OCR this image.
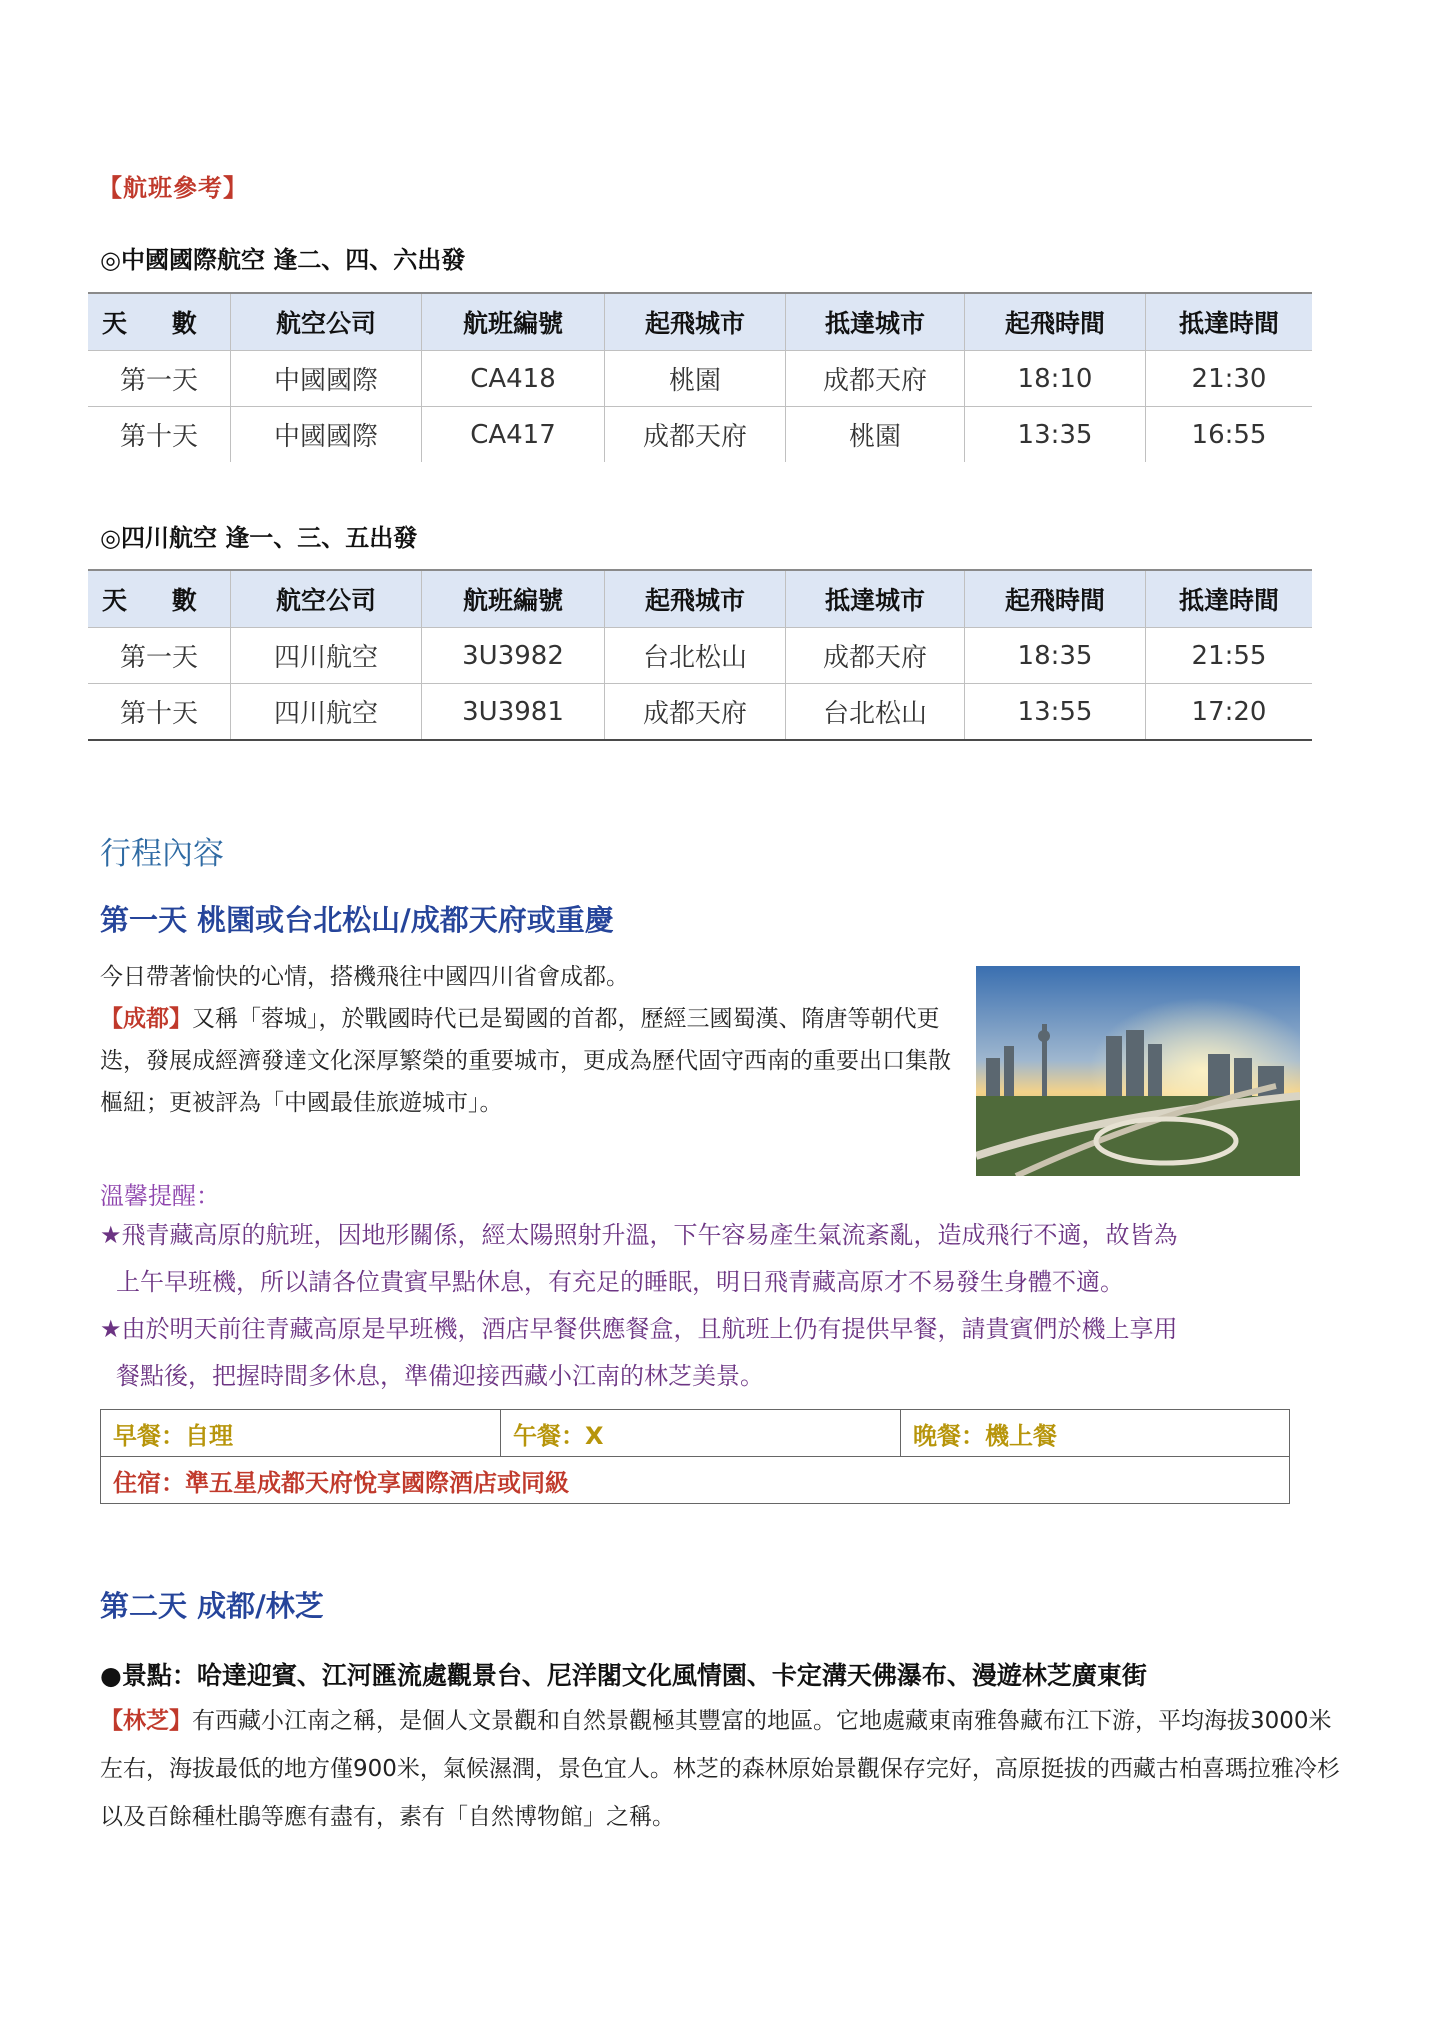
【航班參考】
◎中國國際航空 逢二、四、六出發
天 數	航空公司	航班編號	起飛城市	抵達城市	起飛時間	抵達時間
第一天	中國國際	CA418	桃園	成都天府	18:10	21:30
第十天	中國國際	CA417	成都天府	桃園	13:35	16:55
◎四川航空 逢一、三、五出發
天 數	航空公司	航班編號	起飛城市	抵達城市	起飛時間	抵達時間
第一天	四川航空	3U3982	台北松山	成都天府	18:35	21:55
第十天	四川航空	3U3981	成都天府	台北松山	13:55	17:20
行程內容
第一天 桃園或台北松山/成都天府或重慶
今日帶著愉快的心情，搭機飛往中國四川省會成都。
【成都】又稱「蓉城」，於戰國時代已是蜀國的首都，歷經三國蜀漢、隋唐等朝代更迭，發展成經濟發達文化深厚繁榮的重要城市，更成為歷代固守西南的重要出口集散樞紐；更被評為「中國最佳旅遊城市」。
溫馨提醒：
★飛青藏高原的航班，因地形關係，經太陽照射升溫，下午容易產生氣流紊亂，造成飛行不適，故皆為
上午早班機，所以請各位貴賓早點休息，有充足的睡眠，明日飛青藏高原才不易發生身體不適。
★由於明天前往青藏高原是早班機，酒店早餐供應餐盒，且航班上仍有提供早餐，請貴賓們於機上享用
餐點後，把握時間多休息，準備迎接西藏小江南的林芝美景。
早餐：自理	午餐：X	晚餐：機上餐
住宿：準五星成都天府悅享國際酒店或同級
第二天 成都/林芝
●景點：哈達迎賓、江河匯流處觀景台、尼洋閣文化風情園、卡定溝天佛瀑布、漫遊林芝廣東街
【林芝】有西藏小江南之稱，是個人文景觀和自然景觀極其豐富的地區。它地處藏東南雅魯藏布江下游，平均海拔3000米左右，海拔最低的地方僅900米，氣候濕潤，景色宜人。林芝的森林原始景觀保存完好，高原挺拔的西藏古柏喜瑪拉雅冷杉以及百餘種杜鵑等應有盡有，素有「自然博物館」之稱。
